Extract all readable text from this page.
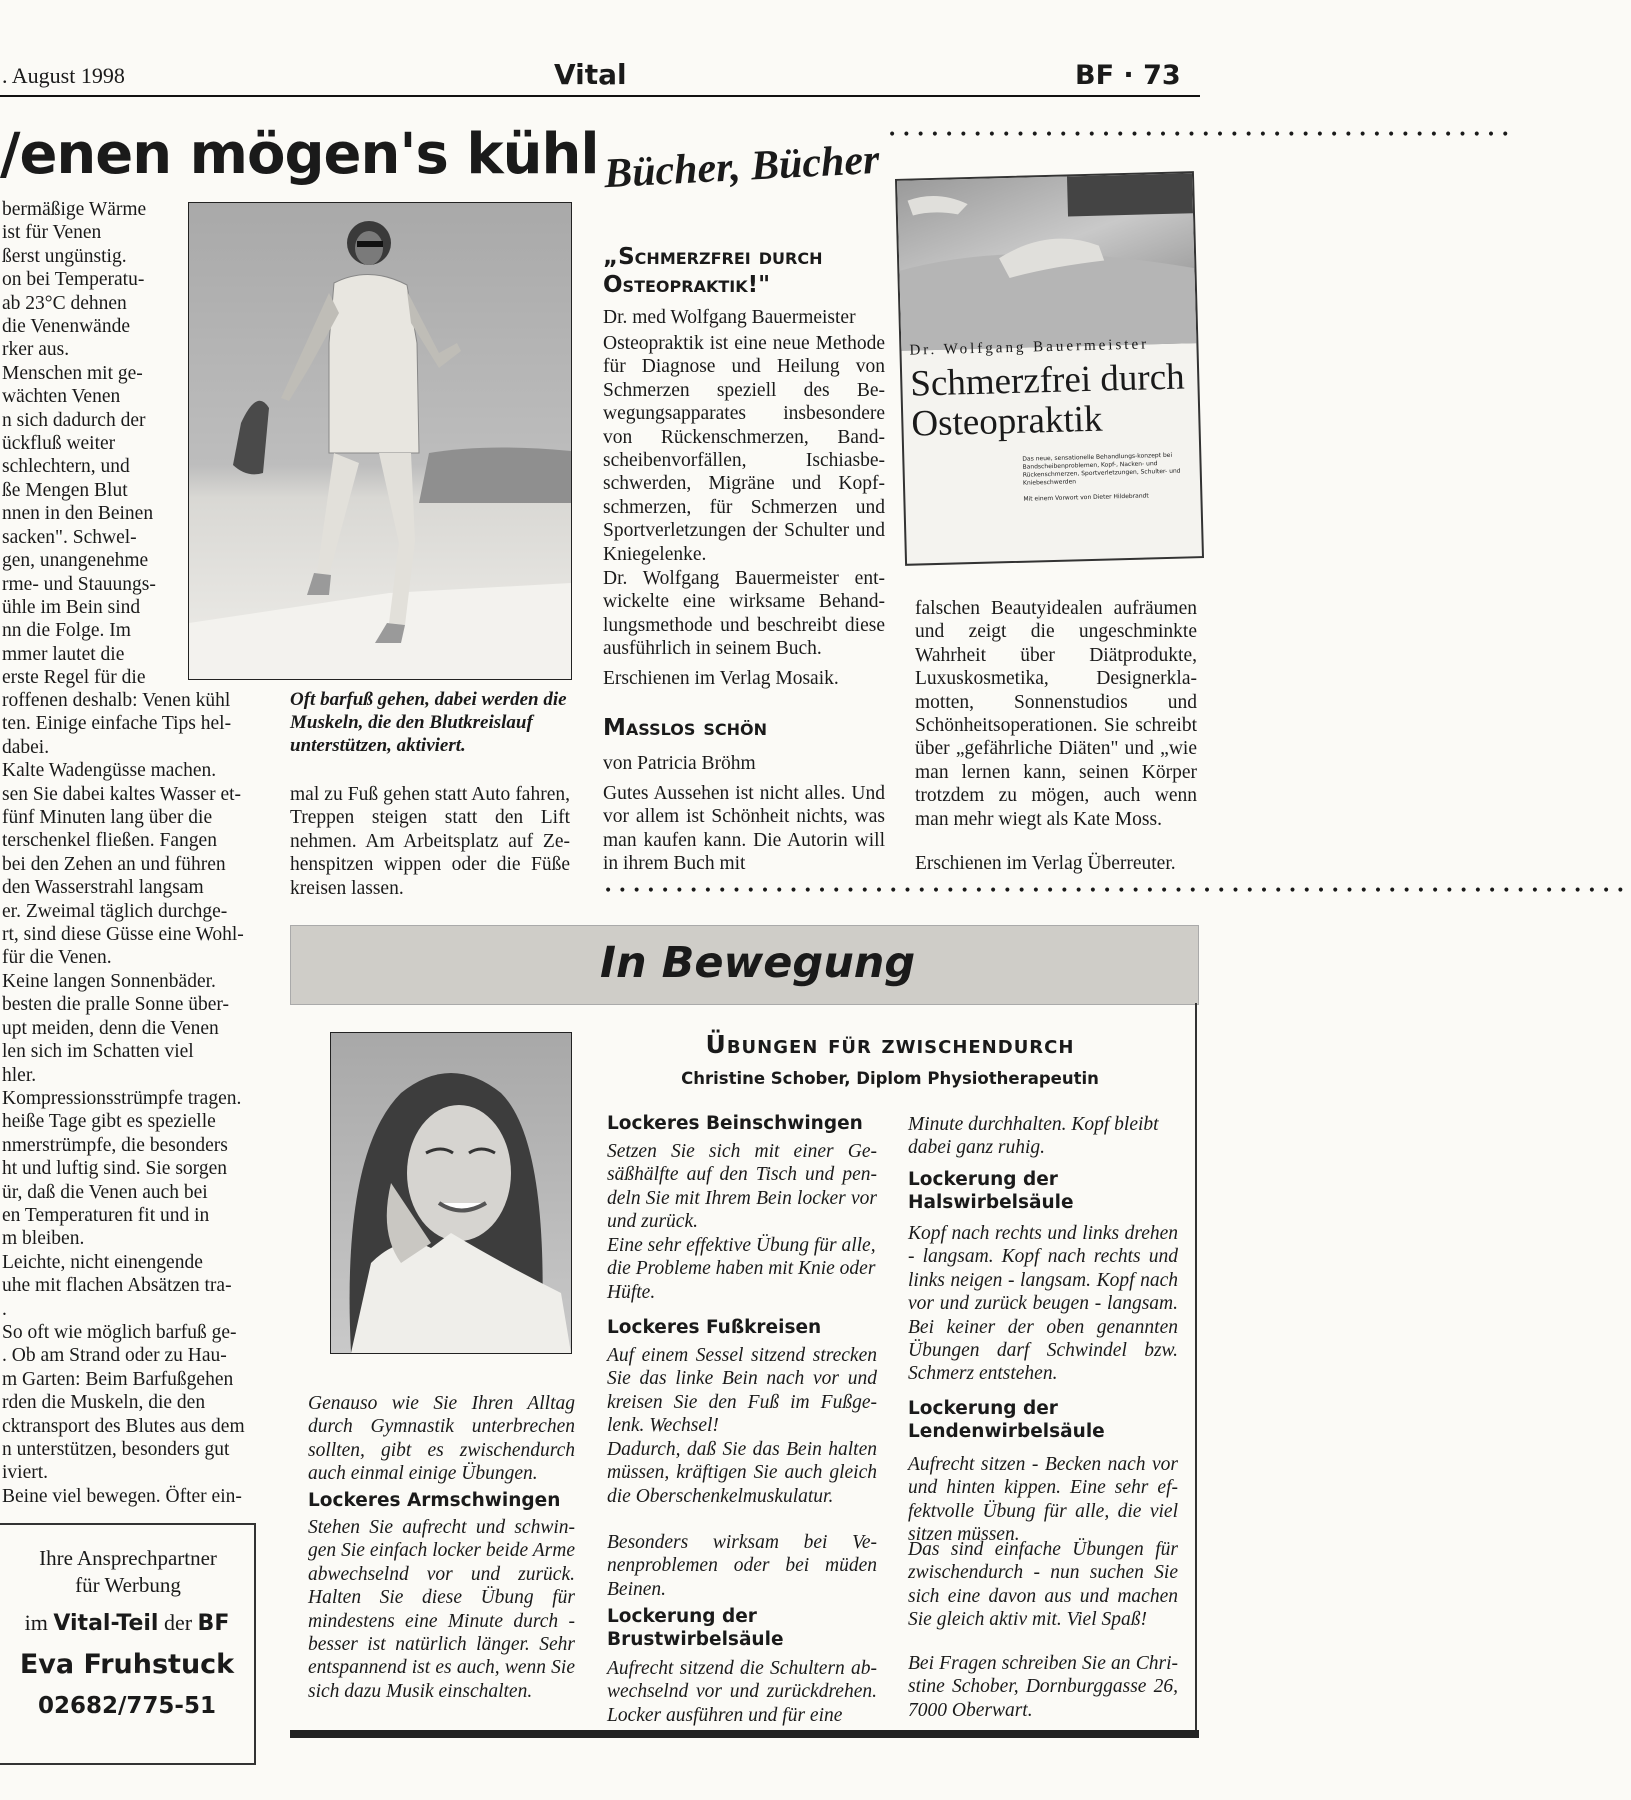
. August 1998	Vital	BF · 73
/enen mögen's kühl
bermäßige Wärme
ist für Venen
ßerst ungünstig.
on bei Temperatu-
ab 23°C dehnen
die Venenwände
rker aus.
Menschen mit ge-
wächten Venen
n sich dadurch der
ückfluß weiter
schlechtern, und
ße Mengen Blut
nnen in den Beinen
sacken". Schwel-
gen, unangenehme
rme- und Stauungs-
ühle im Bein sind
nn die Folge. Im
mmer lautet die
erste Regel für die
roffenen deshalb: Venen kühl
ten. Einige einfache Tips hel-
dabei.
Kalte Wadengüsse machen.
sen Sie dabei kaltes Wasser et-
fünf Minuten lang über die
terschenkel fließen. Fangen
bei den Zehen an und führen
den Wasserstrahl langsam
er. Zweimal täglich durchge-
rt, sind diese Güsse eine Wohl-
für die Venen.
Keine langen Sonnenbäder.
besten die pralle Sonne über-
upt meiden, denn die Venen
len sich im Schatten viel
hler.
Kompressionsstrümpfe tragen.
heiße Tage gibt es spezielle
nmerstrümpfe, die besonders
ht und luftig sind. Sie sorgen
ür, daß die Venen auch bei
en Temperaturen fit und in
m bleiben.
Leichte, nicht einengende
uhe mit flachen Absätzen tra-
.
So oft wie möglich barfuß ge-
. Ob am Strand oder zu Hau-
m Garten: Beim Barfußgehen
rden die Muskeln, die den
cktransport des Blutes aus dem
n unterstützen, besonders gut
iviert.
Beine viel bewegen. Öfter ein-
Oft barfuß gehen, dabei werden die Muskeln, die den Blutkreislauf unterstützen, aktiviert.
mal zu Fuß gehen statt Auto fahren, Treppen steigen statt den Lift nehmen. Am Arbeitsplatz auf Zehenspitzen wippen oder die Füße kreisen lassen.
Ihre Ansprechpartner
für Werbung
im Vital-Teil der BF
Eva Fruhstuck
02682/775-51
Bücher, Bücher
••••••••••••••••••••••••••••••••••••••••••••
„Schmerzfrei durch Osteopraktik!"
Dr. med Wolfgang Bauermeister
Osteopraktik ist eine neue Methode für Diagnose und Heilung von Schmerzen speziell des Bewegungsapparates insbesondere von Rückenschmerzen, Bandscheibenvorfällen, Ischiasbeschwerden, Migräne und Kopfschmerzen, für Schmerzen und Sportverletzungen der Schulter und Kniegelenke.
Dr. Wolfgang Bauermeister entwickelte eine wirksame Behandlungsmethode und beschreibt diese ausführlich in seinem Buch.
Erschienen im Verlag Mosaik.
Dr. Wolfgang Bauermeister
Schmerzfrei durch
Osteopraktik
Das neue, sensationelle Behandlungs-konzept bei Bandscheibenproblemen, Kopf-, Nacken- und Rückenschmerzen, Sportverletzungen, Schulter- und Kniebeschwerden
Mit einem Vorwort von Dieter Hildebrandt
Masslos schön
von Patricia Bröhm
Gutes Aussehen ist nicht alles. Und vor allem ist Schönheit nichts, was man kaufen kann. Die Autorin will in ihrem Buch mit
falschen Beautyidealen aufräumen und zeigt die ungeschminkte Wahrheit über Diätprodukte, Luxuskosmetika, Designerklamotten, Sonnenstudios und Schönheitsoperationen. Sie schreibt über „gefährliche Diäten" und „wie man lernen kann, seinen Körper trotzdem zu mögen, auch wenn man mehr wiegt als Kate Moss.
Erschienen im Verlag Überreuter.
••••••••••••••••••••••••••••••••••••••••••••••••••••••••••••••••••••••••
In Bewegung
Übungen für zwischendurch
Christine Schober, Diplom Physiotherapeutin
Genauso wie Sie Ihren Alltag durch Gymnastik unterbrechen sollten, gibt es zwischendurch auch einmal einige Übungen.
Lockeres Armschwingen
Stehen Sie aufrecht und schwingen Sie einfach locker beide Arme abwechselnd vor und zurück. Halten Sie diese Übung für mindestens eine Minute durch - besser ist natürlich länger. Sehr entspannend ist es auch, wenn Sie sich dazu Musik einschalten.
Lockeres Beinschwingen
Setzen Sie sich mit einer Gesäßhälfte auf den Tisch und pendeln Sie mit Ihrem Bein locker vor und zurück.
Eine sehr effektive Übung für alle, die Probleme haben mit Knie oder Hüfte.
Lockeres Fußkreisen
Auf einem Sessel sitzend strecken Sie das linke Bein nach vor und kreisen Sie den Fuß im Fußgelenk. Wechsel!
Dadurch, daß Sie das Bein halten müssen, kräftigen Sie auch gleich die Oberschenkelmuskulatur.
Besonders wirksam bei Venenproblemen oder bei müden Beinen.
Lockerung der Brustwirbelsäule
Aufrecht sitzend die Schultern abwechselnd vor und zurückdrehen. Locker ausführen und für eine
Minute durchhalten. Kopf bleibt dabei ganz ruhig.
Lockerung der Halswirbelsäule
Kopf nach rechts und links drehen - langsam. Kopf nach rechts und links neigen - langsam. Kopf nach vor und zurück beugen - langsam. Bei keiner der oben genannten Übungen darf Schwindel bzw. Schmerz entstehen.
Lockerung der Lendenwirbelsäule
Aufrecht sitzen - Becken nach vor und hinten kippen. Eine sehr effektvolle Übung für alle, die viel sitzen müssen.
Das sind einfache Übungen für zwischendurch - nun suchen Sie sich eine davon aus und machen Sie gleich aktiv mit. Viel Spaß!
Bei Fragen schreiben Sie an Christine Schober, Dornburggasse 26, 7000 Oberwart.
